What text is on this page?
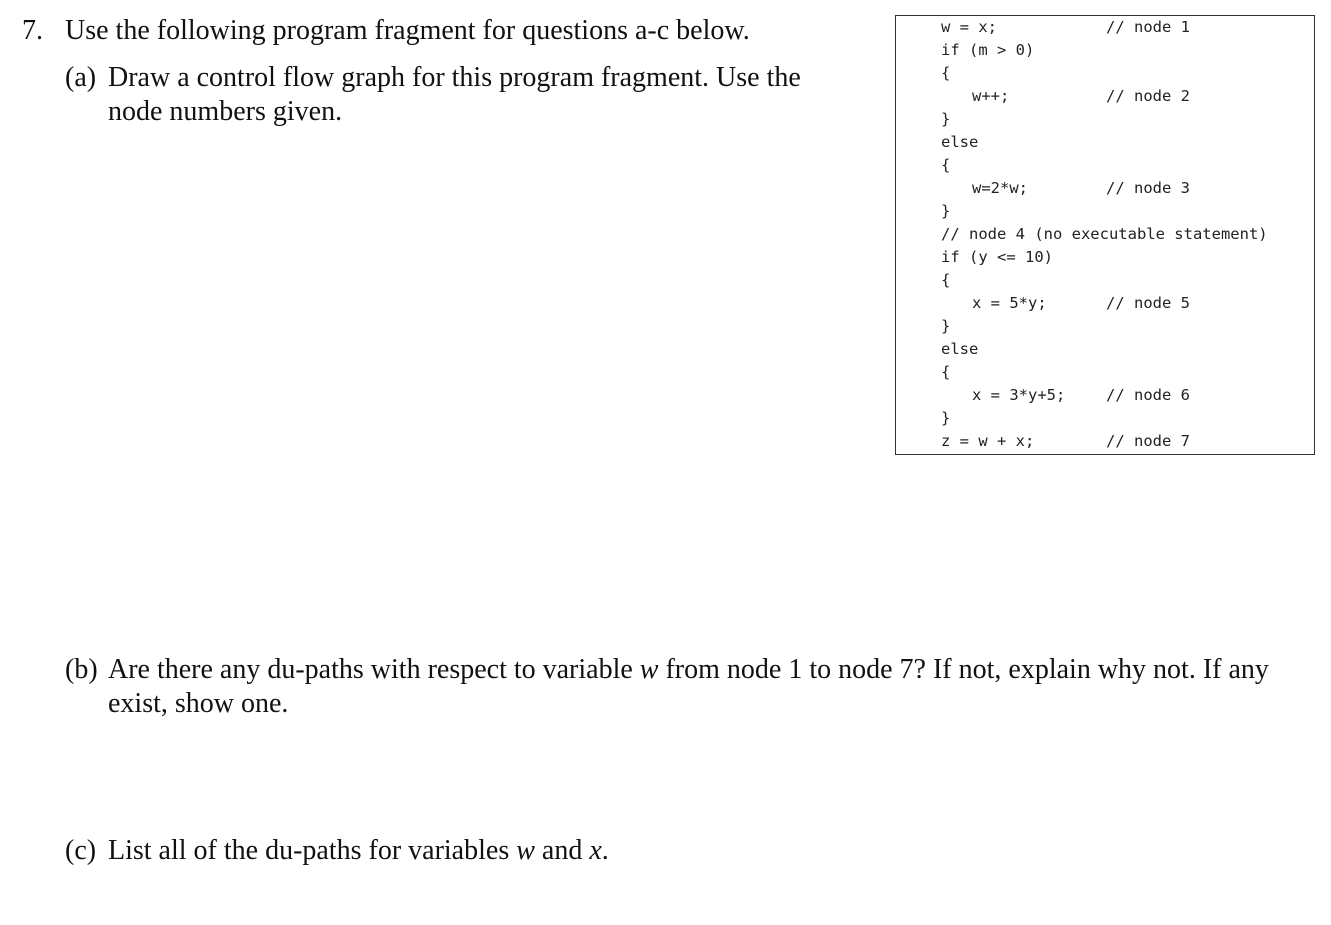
7. Use the following program fragment for questions a-c below.
(a) Draw a control flow graph for this program fragment. Use the node numbers given.
w = x;	// node 1
if (m > 0)
{
w++;	// node 2
}
else
{
w=2*w;	// node 3
}
// node 4 (no executable statement)
if (y <= 10)
{
x = 5*y;	// node 5
}
else
{
x = 3*y+5;	// node 6
}
z = w + x;	// node 7
(b) Are there any du-paths with respect to variable w from node 1 to node 7? If not, explain why not. If any exist, show one.
(c) List all of the du-paths for variables w and x.
